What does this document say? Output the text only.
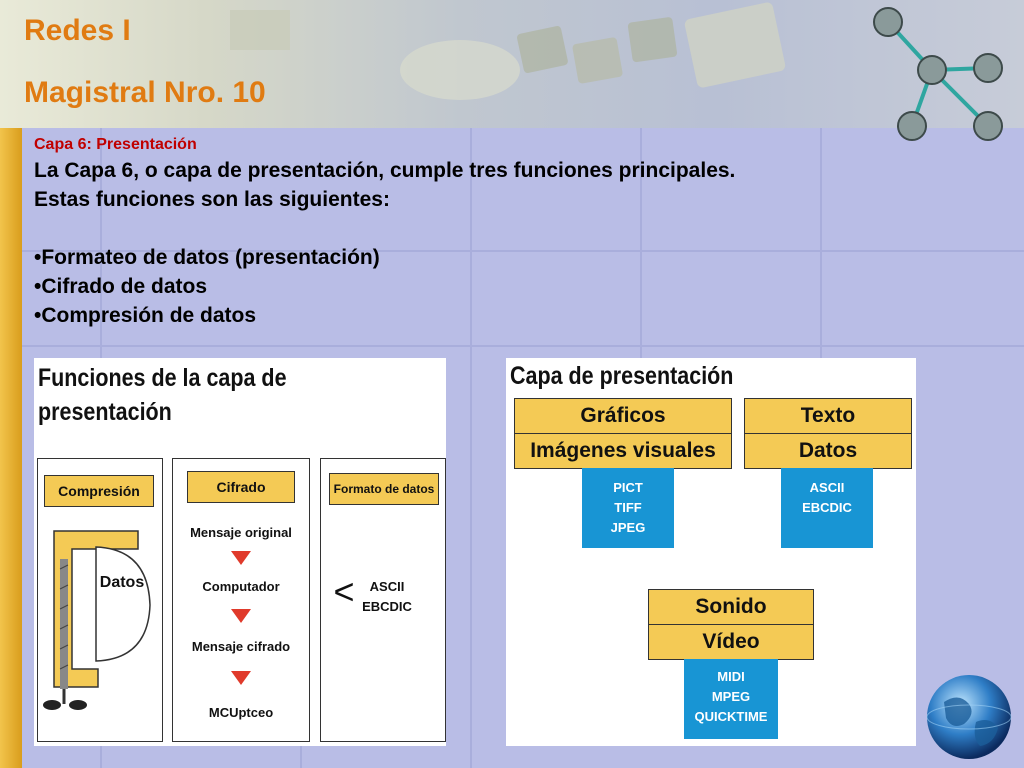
Redes I
Magistral Nro. 10
Capa 6: Presentación
La Capa 6, o capa de presentación, cumple tres funciones principales.
Estas funciones son las siguientes:
•Formateo de datos (presentación)
•Cifrado de datos
•Compresión de datos
Funciones de la capa de
presentación
Compresión
Datos
Cifrado
Mensaje original
Computador
Mensaje cifrado
MCUptceo
Formato de datos
<	ASCII
EBCDIC
Capa de presentación
Gráficos
Imágenes visuales
PICT
TIFF
JPEG
Texto
Datos
ASCII
EBCDIC
Sonido
Vídeo
MIDI
MPEG
QUICKTIME
